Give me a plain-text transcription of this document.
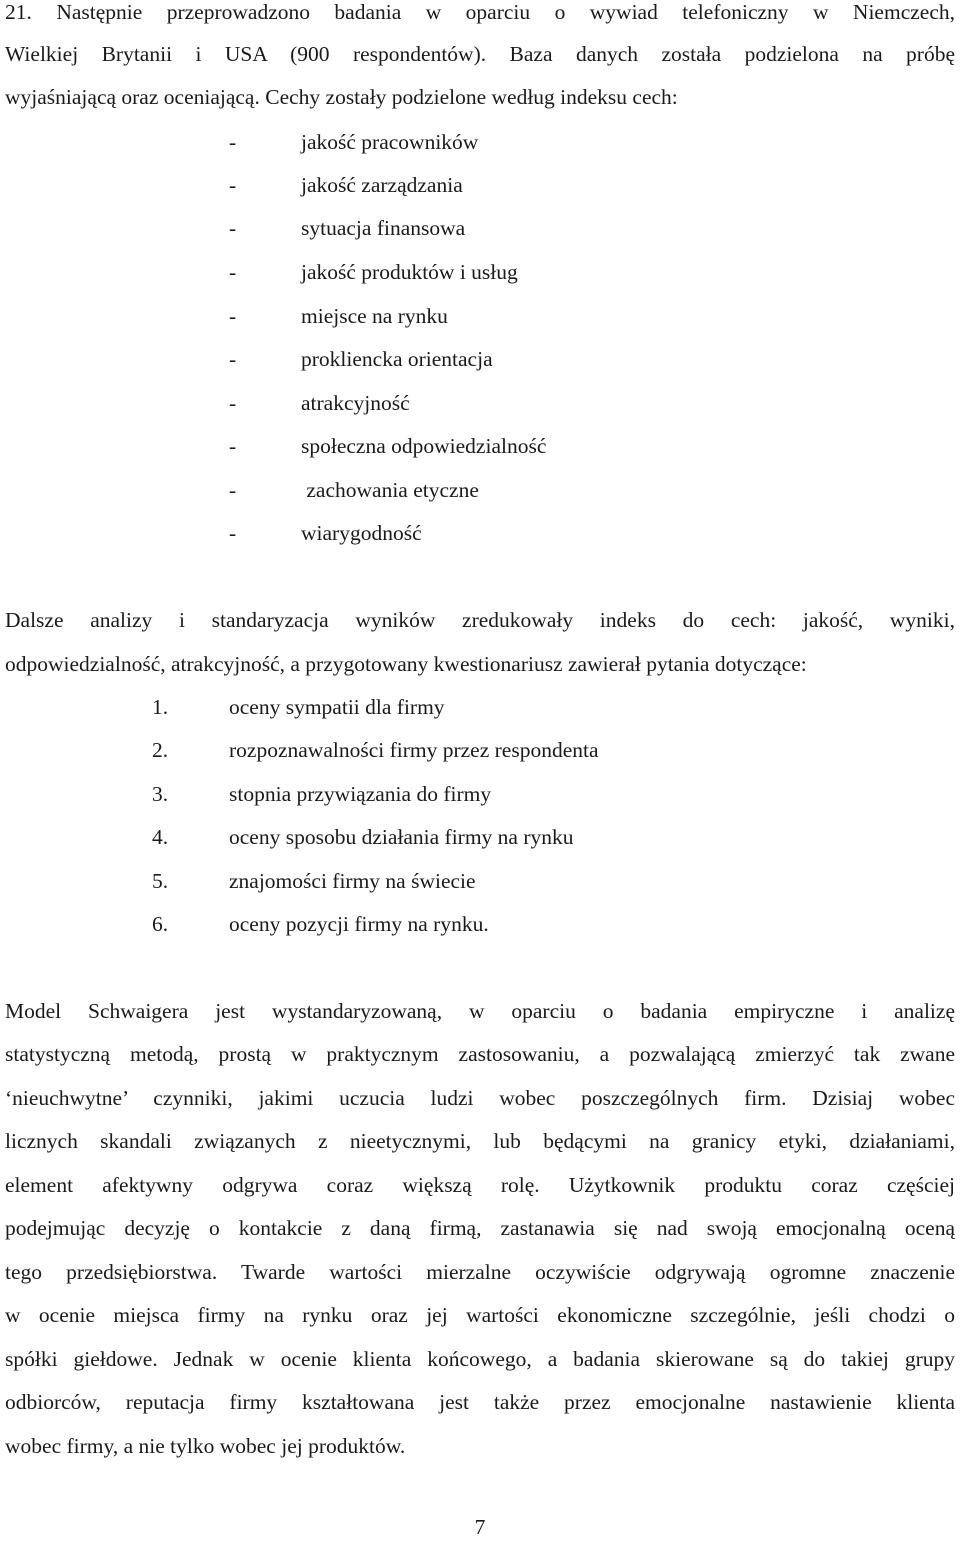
21. Następnie przeprowadzono badania w oparciu o wywiad telefoniczny w Niemczech,
Wielkiej Brytanii i USA (900 respondentów). Baza danych została podzielona na próbę
wyjaśniającą oraz oceniającą. Cechy zostały podzielone według indeksu cech:
-	jakość pracowników
-	jakość zarządzania
-	sytuacja finansowa
-	jakość produktów i usług
-	miejsce na rynku
-	prokliencka orientacja
-	atrakcyjność
-	społeczna odpowiedzialność
-	zachowania etyczne
-	wiarygodność
Dalsze analizy i standaryzacja wyników zredukowały indeks do cech: jakość, wyniki,
odpowiedzialność, atrakcyjność, a przygotowany kwestionariusz zawierał pytania dotyczące:
1.	oceny sympatii dla firmy
2.	rozpoznawalności firmy przez respondenta
3.	stopnia przywiązania do firmy
4.	oceny sposobu działania firmy na rynku
5.	znajomości firmy na świecie
6.	oceny pozycji firmy na rynku.
Model Schwaigera jest wystandaryzowaną, w oparciu o badania empiryczne i analizę
statystyczną metodą, prostą w praktycznym zastosowaniu, a pozwalającą zmierzyć tak zwane
‘nieuchwytne’ czynniki, jakimi uczucia ludzi wobec poszczególnych firm. Dzisiaj wobec
licznych skandali związanych z nieetycznymi, lub będącymi na granicy etyki, działaniami,
element afektywny odgrywa coraz większą rolę. Użytkownik produktu coraz częściej
podejmując decyzję o kontakcie z daną firmą, zastanawia się nad swoją emocjonalną oceną
tego przedsiębiorstwa. Twarde wartości mierzalne oczywiście odgrywają ogromne znaczenie
w ocenie miejsca firmy na rynku oraz jej wartości ekonomiczne szczególnie, jeśli chodzi o
spółki giełdowe. Jednak w ocenie klienta końcowego, a badania skierowane są do takiej grupy
odbiorców, reputacja firmy kształtowana jest także przez emocjonalne nastawienie klienta
wobec firmy, a nie tylko wobec jej produktów.
7
